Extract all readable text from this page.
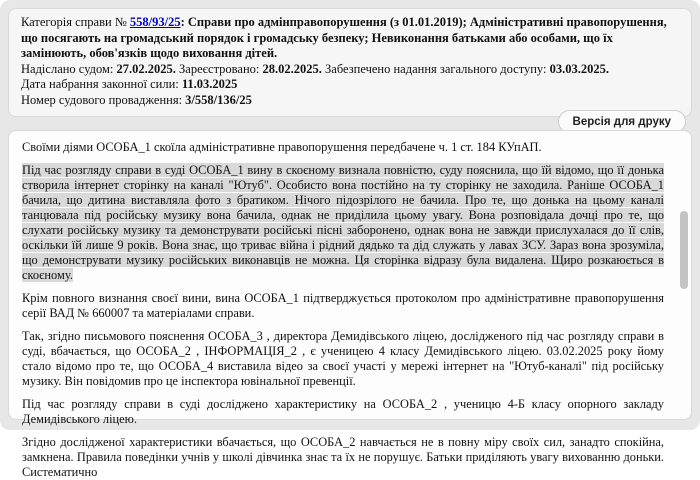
Категорія справи № 558/93/25: Справи про адмінправопорушення (з 01.01.2019); Адміністративні правопорушення, що посягають на громадський порядок і громадську безпеку; Невиконання батьками або особами, що їх замінюють, обов'язків щодо виховання дітей.

Надіслано судом: 27.02.2025. Зареєстровано: 28.02.2025. Забезпечено надання загального доступу: 03.03.2025.

Дата набрання законної сили: 11.03.2025

Номер судового провадження: 3/558/136/25

Версія для друку

Своїми діями ОСОБА_1 скоїла адміністративне правопорушення передбачене ч. 1 ст. 184 КУпАП.

Під час розгляду справи в суді ОСОБА_1 вину в скоєному визнала повністю, суду пояснила, що їй відомо, що її донька створила інтернет сторінку на каналі "Ютуб". Особисто вона постійно на ту сторінку не заходила. Раніше ОСОБА_1 бачила, що дитина виставляла фото з братиком. Нічого підозрілого не бачила. Про те, що донька на цьому каналі танцювала під російську музику вона бачила, однак не приділила цьому увагу. Вона розповідала дочці про те, що слухати російську музику та демонструвати російські пісні заборонено, однак вона не завжди прислухалася до її слів, оскільки їй лише 9 років. Вона знає, що триває війна і рідний дядько та дід служать у лавах ЗСУ. Зараз вона зрозуміла, що демонструвати музику російських виконавців не можна. Ця сторінка відразу була видалена. Щиро розкаюється в скоєному.

Крім повного визнання своєї вини, вина ОСОБА_1 підтверджується протоколом про адміністративне правопорушення серії ВАД № 660007 та матеріалами справи.

Так, згідно письмового пояснення ОСОБА_3 , директора Демидівського ліцею, дослідженого під час розгляду справи в суді, вбачається, що ОСОБА_2 , ІНФОРМАЦІЯ_2 , є ученицею 4 класу Демидівського ліцею. 03.02.2025 року йому стало відомо про те, що ОСОБА_4 виставила відео за своєї участі у мережі інтернет на "Ютуб-каналі" під російську музику. Він повідомив про це інспектора ювінальної превенції.

Під час розгляду справи в суді досліджено характеристику на ОСОБА_2 , ученицю 4-Б класу опорного закладу Демидівського ліцею.

Згідно дослідженої характеристики вбачається, що ОСОБА_2 навчається не в повну міру своїх сил, занадто спокійна, замкнена. Правила поведінки учнів у школі дівчинка знає та їх не порушує. Батьки приділяють увагу вихованню доньки. Систематично
